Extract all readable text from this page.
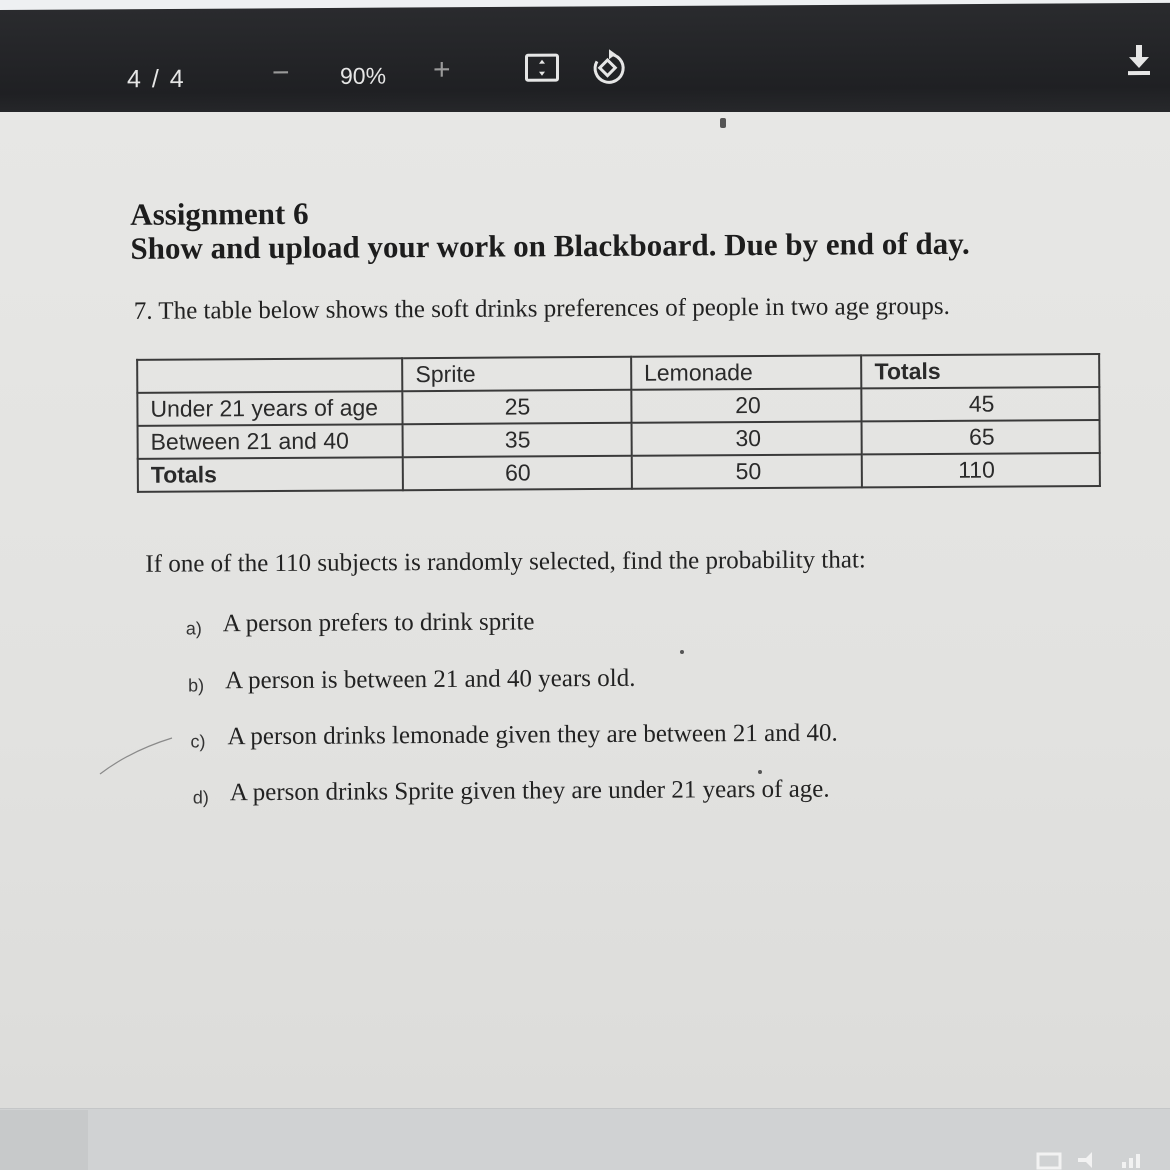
4 / 4	− 90% +
Assignment 6
Show and upload your work on Blackboard. Due by end of day.
7. The table below shows the soft drinks preferences of people in two age groups.
	Sprite	Lemonade	Totals
Under 21 years of age	25	20	45
Between 21 and 40	35	30	65
Totals	60	50	110
If one of the 110 subjects is randomly selected, find the probability that:
a) A person prefers to drink sprite
b) A person is between 21 and 40 years old.
c) A person drinks lemonade given they are between 21 and 40.
d) A person drinks Sprite given they are under 21 years of age.
